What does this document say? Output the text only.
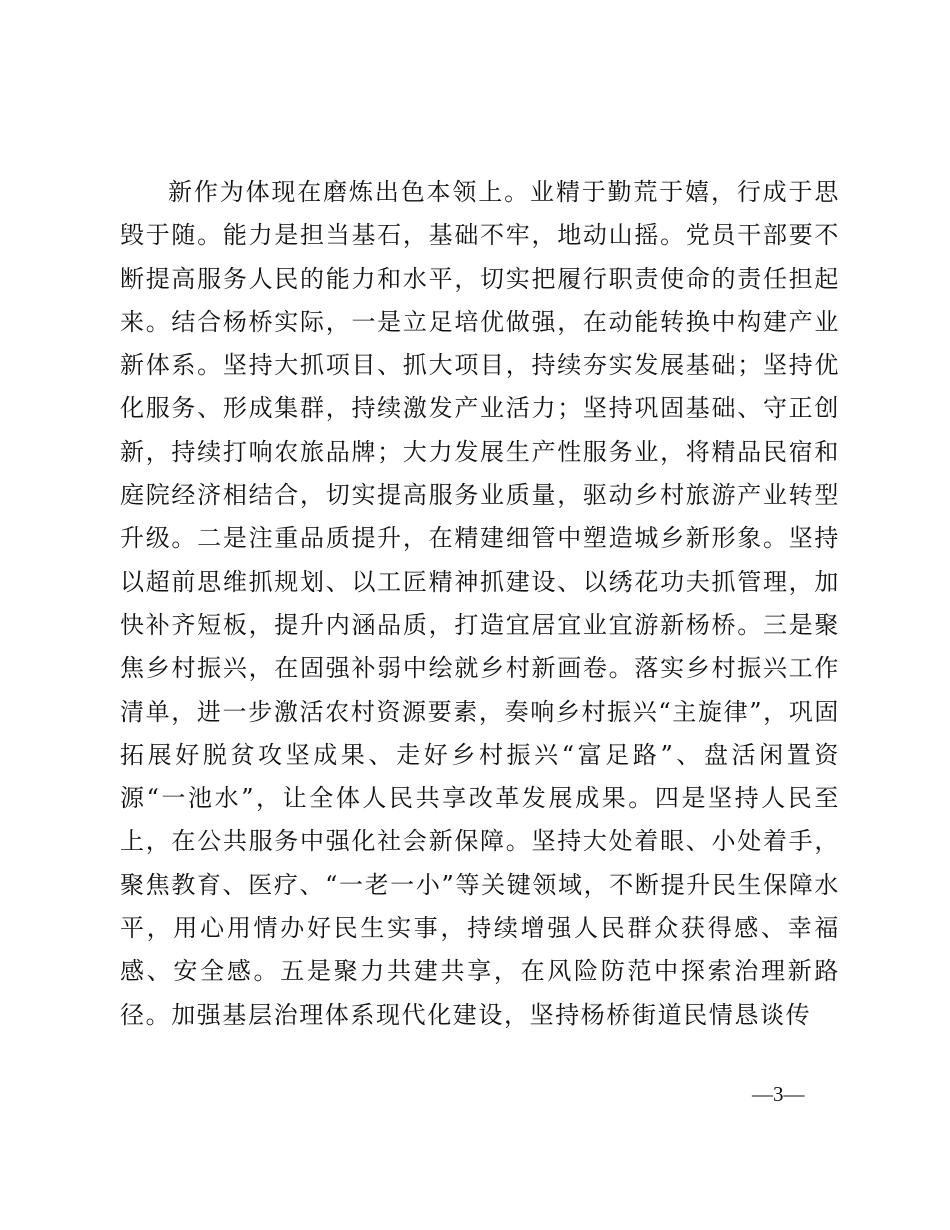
新作为体现在磨炼出色本领上。业精于勤荒于嬉，行成于思毁于随。能力是担当基石，基础不牢，地动山摇。党员干部要不断提高服务人民的能力和水平，切实把履行职责使命的责任担起来。结合杨桥实际，一是立足培优做强，在动能转换中构建产业新体系。坚持大抓项目、抓大项目，持续夯实发展基础；坚持优化服务、形成集群，持续激发产业活力；坚持巩固基础、守正创新，持续打响农旅品牌；大力发展生产性服务业，将精品民宿和庭院经济相结合，切实提高服务业质量，驱动乡村旅游产业转型升级。二是注重品质提升，在精建细管中塑造城乡新形象。坚持以超前思维抓规划、以工匠精神抓建设、以绣花功夫抓管理，加快补齐短板，提升内涵品质，打造宜居宜业宜游新杨桥。三是聚焦乡村振兴，在固强补弱中绘就乡村新画卷。落实乡村振兴工作清单，进一步激活农村资源要素，奏响乡村振兴“主旋律”，巩固拓展好脱贫攻坚成果、走好乡村振兴“富足路”、盘活闲置资源“一池水”，让全体人民共享改革发展成果。四是坚持人民至上，在公共服务中强化社会新保障。坚持大处着眼、小处着手，聚焦教育、医疗、“一老一小”等关键领域，不断提升民生保障水平，用心用情办好民生实事，持续增强人民群众获得感、幸福感、安全感。五是聚力共建共享，在风险防范中探索治理新路径。加强基层治理体系现代化建设，坚持杨桥街道民情恳谈传

—3—
